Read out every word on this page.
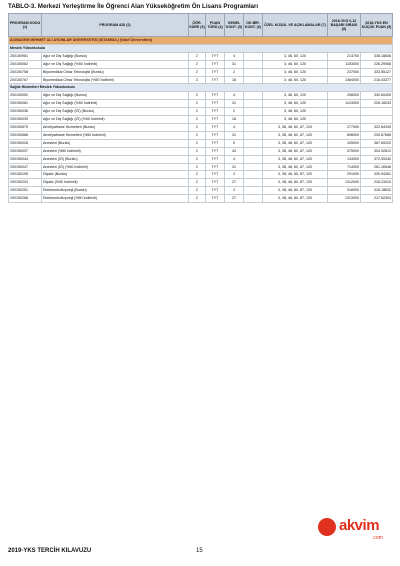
TABLO-3. Merkezi Yerleştirme İle Öğrenci Alan Yükseköğretim Ön Lisans Programları
PROGRAM KODU (1)	PROGRAM ADI (2)	ÖĞR. SÜRE (3)	PUAN TÜRÜ (4)	GENEL KONT. (5)	OK.BİR. KONT. (6)	ÖZEL KOŞUL VE AÇIKLAMALAR (7)	2018-YKS 0,12 BAŞARI SIRASI (8)	2018-YKS EN KÜÇÜK PUAN (9)
ACIBADEM MEHMET ALİ AYDINLAR ÜNİVERSİTESİ (İSTANBUL) (Vakıf Üniversitesi)								
Meslek Yüksekokulu								
200150961	Ağız ve Diş Sağlığı (Burslu)	2	TYT	4		3, 46, 60, 120	213700	338.18836
200150062	Ağız ve Diş Sağlığı (%50 İndirimli)	2	TYT	31		3, 46, 60, 120	1153000	226.29068
200150758	Biyomedikal Cihaz Teknolojisi (Burslu)	2	TYT	2		3, 46, 60, 120	237000	333.55127
200150767	Biyomedikal Cihaz Teknolojisi (%50 İndirimli)	2	TYT	18		3, 46, 60, 120	1384000	216.43377
Sağlık Hizmetleri Meslek Yüksekokulu								
200150052	Ağız ve Diş Sağlığı (Burslu)	2	TYT	4		3, 46, 60, 120	258000	330.60405
200150061	Ağız ve Diş Sağlığı (%50 İndirimli)	2	TYT	31		3, 46, 60, 120	1124000	226.18033
200150036	Ağız ve Diş Sağlığı (İÖ) (Burslu)	2	TYT	2		3, 46, 60, 120		
200150039	Ağız ve Diş Sağlığı (İÖ) (%50 İndirimli)	2	TYT	18		3, 46, 60, 120		
200150679	Ameliyathane Hizmetleri (Burslu)	2	TYT	4		3, 38, 46, 60, 87, 120	277000	322.64349
200150686	Ameliyathane Hizmetleri (%50 İndirimli)	2	TYT	31		3, 38, 46, 60, 87, 120	898000	239.87668
200150028	Anestezi (Burslu)	2	TYT	5		3, 38, 46, 60, 87, 120	105000	367.89220
200150037	Anestezi (%50 İndirimli)	2	TYT	43		3, 38, 46, 60, 87, 120	375000	304.92813
200150044	Anestezi (İÖ) (Burslu)	2	TYT	4		3, 38, 46, 60, 87, 120	134000	372.05340
200150047	Anestezi (İÖ) (%50 İndirimli)	2	TYT	31		3, 38, 46, 60, 87, 120	714000	261.16548
200150195	Diyaliz (Burslu)	2	TYT	3		3, 38, 46, 60, 87, 120	291000	330.94261
200150203	Diyaliz (%50 İndirimli)	2	TYT	27		3, 38, 46, 60, 87, 120	1312000	218.23410
200150251	Elektronörofizyoloji (Burslu)	2	TYT	3		3, 38, 46, 60, 87, 120	316000	315.18632
200150268	Elektronörofizyoloji (%50 İndirimli)	2	TYT	27		3, 38, 46, 60, 87, 120	1313000	217.62304
akvim
.com
2019-YKS TERCİH KILAVUZU	15
